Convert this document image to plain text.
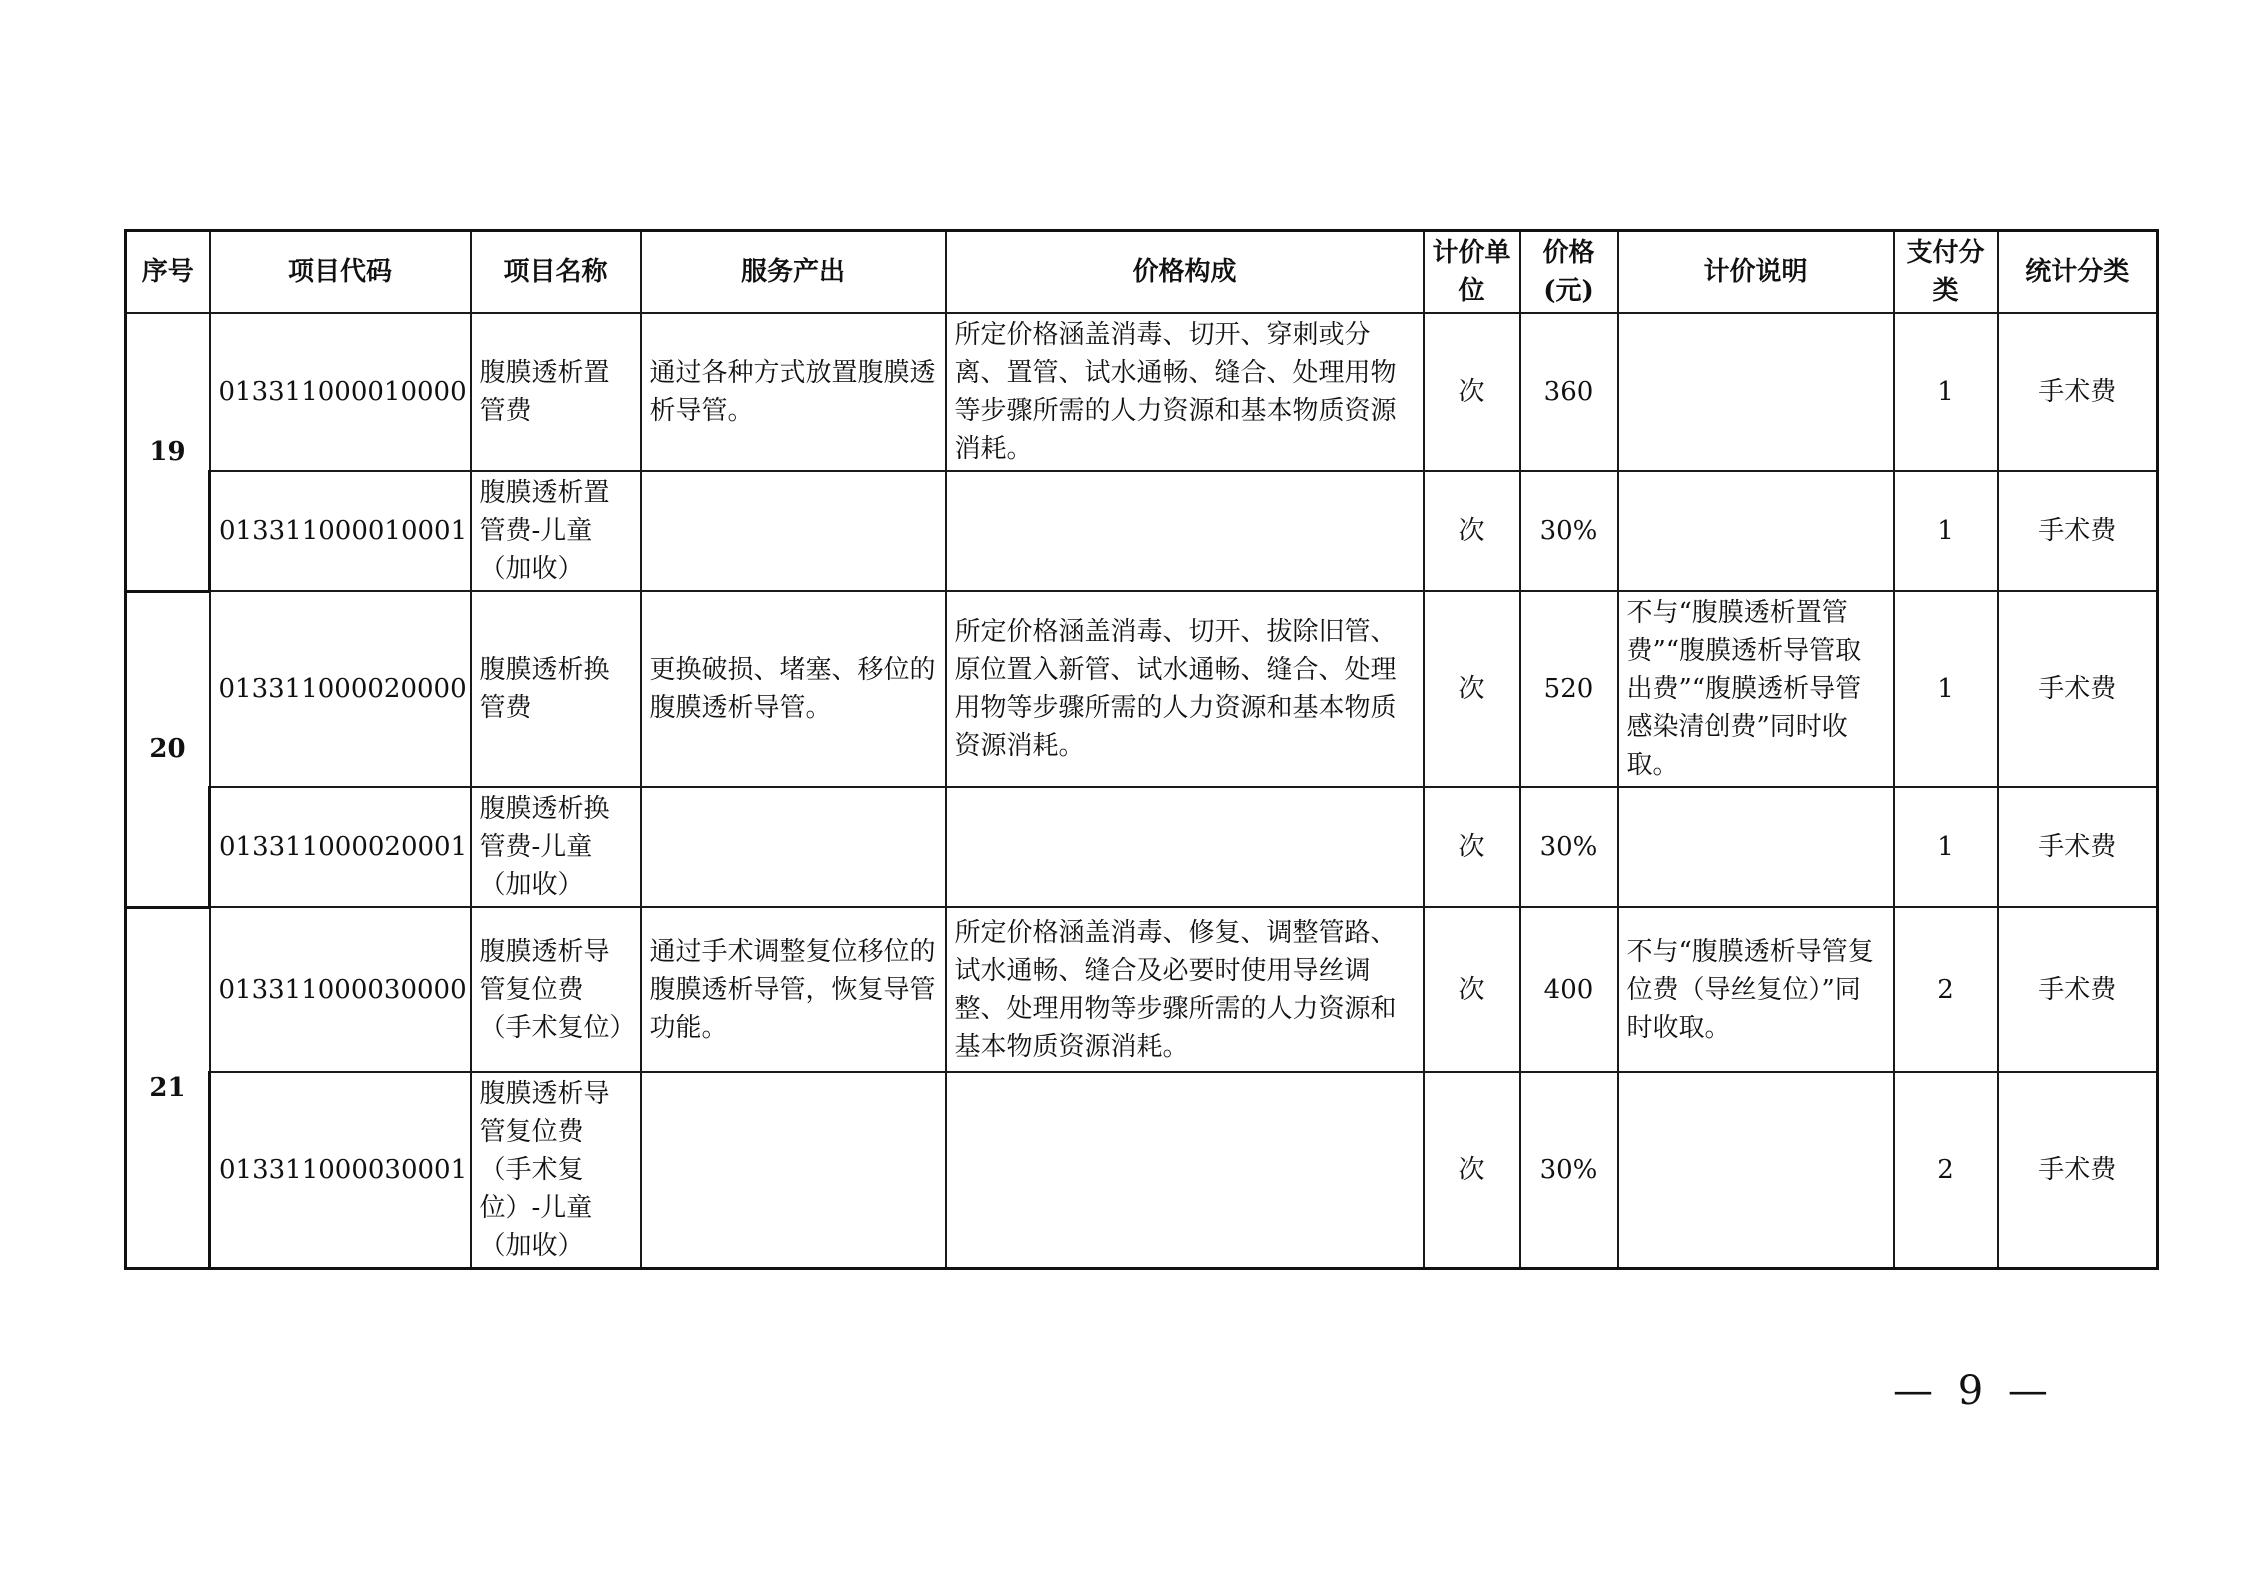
序号	项目代码	项目名称	服务产出	价格构成	计价单位	价格(元)	计价说明	支付分类	统计分类
19	013311000010000	腹膜透析置管费	通过各种方式放置腹膜透析导管。	所定价格涵盖消毒、切开、穿刺或分离、置管、试水通畅、缝合、处理用物等步骤所需的人力资源和基本物质资源消耗。	次	360		1	手术费
	013311000010001	腹膜透析置管费-儿童（加收）			次	30%		1	手术费
20	013311000020000	腹膜透析换管费	更换破损、堵塞、移位的腹膜透析导管。	所定价格涵盖消毒、切开、拔除旧管、原位置入新管、试水通畅、缝合、处理用物等步骤所需的人力资源和基本物质资源消耗。	次	520	不与“腹膜透析置管费”“腹膜透析导管取出费”“腹膜透析导管感染清创费”同时收取。	1	手术费
	013311000020001	腹膜透析换管费-儿童（加收）			次	30%		1	手术费
21	013311000030000	腹膜透析导管复位费（手术复位）	通过手术调整复位移位的腹膜透析导管，恢复导管功能。	所定价格涵盖消毒、修复、调整管路、试水通畅、缝合及必要时使用导丝调整、处理用物等步骤所需的人力资源和基本物质资源消耗。	次	400	不与“腹膜透析导管复位费（导丝复位）”同时收取。	2	手术费
	013311000030001	腹膜透析导管复位费（手术复位）-儿童（加收）			次	30%		2	手术费
— 9 —
